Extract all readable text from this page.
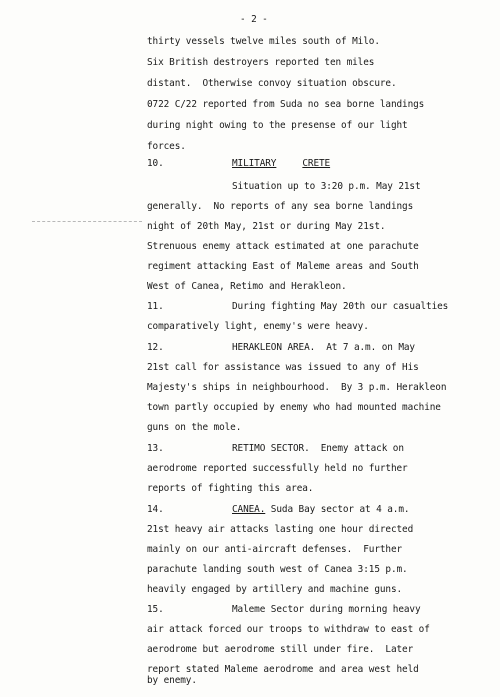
- 2 -
thirty vessels twelve miles south of Milo.
Six British destroyers reported ten miles
distant.  Otherwise convoy situation obscure.
0722 C/22 reported from Suda no sea borne landings
during night owing to the presense of our light
forces.
10.	MILITARY	CRETE
Situation up to 3:20 p.m. May 21st
generally.  No reports of any sea borne landings
night of 20th May, 21st or during May 21st.
Strenuous enemy attack estimated at one parachute
regiment attacking East of Maleme areas and South
West of Canea, Retimo and Herakleon.
11.	During fighting May 20th our casualties
comparatively light, enemy's were heavy.
12.	HERAKLEON AREA.  At 7 a.m. on May
21st call for assistance was issued to any of His
Majesty's ships in neighbourhood.  By 3 p.m. Herakleon
town partly occupied by enemy who had mounted machine
guns on the mole.
13.	RETIMO SECTOR.  Enemy attack on
aerodrome reported successfully held no further
reports of fighting this area.
14.	CANEA. Suda Bay sector at 4 a.m.
21st heavy air attacks lasting one hour directed
mainly on our anti-aircraft defenses.  Further
parachute landing south west of Canea 3:15 p.m.
heavily engaged by artillery and machine guns.
15.	Maleme Sector during morning heavy
air attack forced our troops to withdraw to east of
aerodrome but aerodrome still under fire.  Later
report stated Maleme aerodrome and area west held
by enemy.
